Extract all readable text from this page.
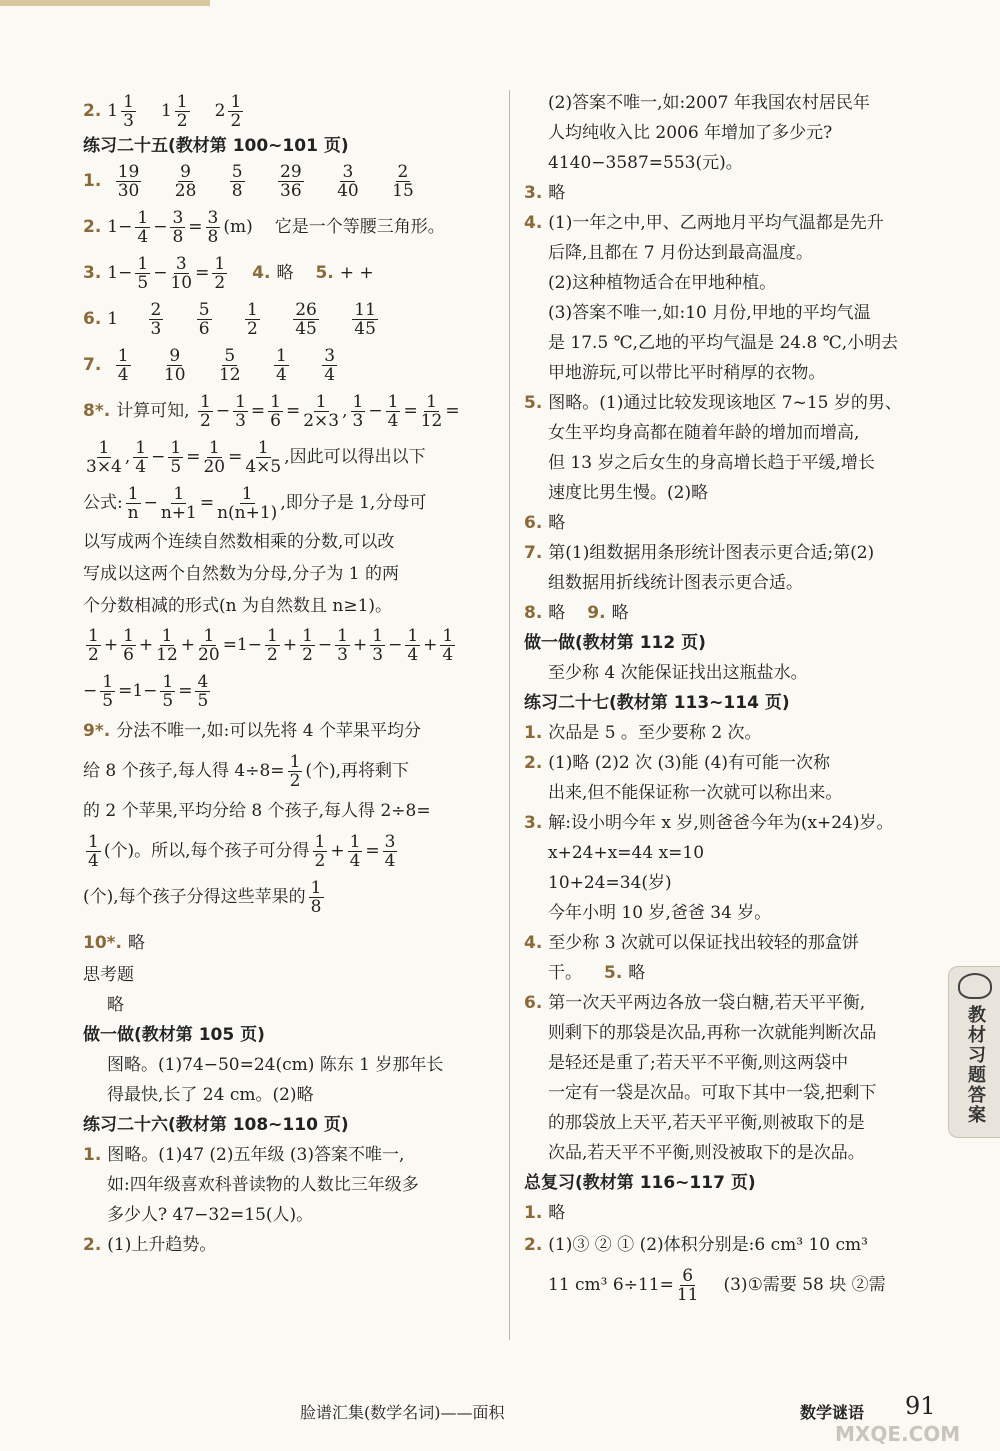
2. $1 \frac{1}{3} 1 \frac{1}{2} 2 \frac{1}{2}$
练习二十五(教材第 100~101 页)
1. $\frac{19}{30}$
$\frac{9}{28}$
$\frac{5}{8}$
$\frac{29}{36}$
$\frac{3}{40}$
$\frac{2}{15}$
2. $1- \frac{1}{4} - \frac{3}{8} = \frac{3}{8} (m)$ 它是一个等腰三角形。
3. $1- \frac{1}{5} - \frac{3}{10} = \frac{1}{2} 4$. 略 5. + +
6. $1 \frac{2}{3}$
$\frac{5}{6}$
$\frac{1}{2}$
$\frac{26}{45}$
$\frac{11}{45}$
7. $\frac{1}{4}$
$\frac{9}{10}$
$\frac{5}{12}$
$\frac{1}{4}$
$\frac{3}{4}$
8*. 计算可知, $\frac{1}{2} - \frac{1}{3} = \frac{1}{6} = \frac{1}{2\times 3}$ , $\frac{1}{3} - \frac{1}{4} = \frac{1}{12}$ =
$\frac{1}{3\times 4}$ , $\frac{1}{4} - \frac{1}{5} = \frac{1}{20} = \frac{1}{4\times 5}$ ,因此可以得出以下
公式: $\frac{1}{n} - \frac{1}{n+1} = \frac{1}{n(n+1)}$ ,即分子是 1,分母可
以写成两个连续自然数相乘的分数,可以改
写成以这两个自然数为分母,分子为 1 的两
个分数相减的形式(n 为自然数且 n≥1)。
$\frac{1}{2} + \frac{1}{6} + \frac{1}{12} + \frac{1}{20} =1- \frac{1}{2} + \frac{1}{2} - \frac{1}{3} + \frac{1}{3} - \frac{1}{4} + \frac{1}{4}$
− $\frac{1}{5} =1- \frac{1}{5} = \frac{4}{5}$
9*. 分法不唯一,如:可以先将 4 个苹果平均分
给 8 个孩子,每人得 $4\div 8= \frac{1}{2}$ (个),再将剩下
的 2 个苹果,平均分给 8 个孩子,每人得 2÷8=
$\frac{1}{4}$ (个)。所以,每个孩子可分得 $\frac{1}{2} + \frac{1}{4} = \frac{3}{4}$
(个),每个孩子分得这些苹果的 $\frac{1}{8}$
10*. 略
思考题
略
做一做(教材第 105 页)
图略。(1)74−50=24(cm) 陈东 1 岁那年长
得最快,长了 24 cm。(2)略
练习二十六(教材第 108~110 页)
1. 图略。(1)47 (2)五年级 (3)答案不唯一,
如:四年级喜欢科普读物的人数比三年级多
多少人? 47−32=15(人)。
2. (1)上升趋势。
(2)答案不唯一,如:2007 年我国农村居民年
人均纯收入比 2006 年增加了多少元?
4140−3587=553(元)。
3. 略
4. (1)一年之中,甲、乙两地月平均气温都是先升
后降,且都在 7 月份达到最高温度。
(2)这种植物适合在甲地种植。
(3)答案不唯一,如:10 月份,甲地的平均气温
是 17.5 ℃,乙地的平均气温是 24.8 ℃,小明去
甲地游玩,可以带比平时稍厚的衣物。
5. 图略。(1)通过比较发现该地区 7~15 岁的男、
女生平均身高都在随着年龄的增加而增高,
但 13 岁之后女生的身高增长趋于平缓,增长
速度比男生慢。(2)略
6. 略
7. 第(1)组数据用条形统计图表示更合适;第(2)
组数据用折线统计图表示更合适。
8. 略 9. 略
做一做(教材第 112 页)
至少称 4 次能保证找出这瓶盐水。
练习二十七(教材第 113~114 页)
1. 次品是 5 。至少要称 2 次。
2. (1)略 (2)2 次 (3)能 (4)有可能一次称
出来,但不能保证称一次就可以称出来。
3. 解:设小明今年 x 岁,则爸爸今年为(x+24)岁。
x+24+x=44 x=10
10+24=34(岁)
今年小明 10 岁,爸爸 34 岁。
4. 至少称 3 次就可以保证找出较轻的那盒饼
干。 5. 略
6. 第一次天平两边各放一袋白糖,若天平平衡,
则剩下的那袋是次品,再称一次就能判断次品
是轻还是重了;若天平不平衡,则这两袋中
一定有一袋是次品。可取下其中一袋,把剩下
的那袋放上天平,若天平平衡,则被取下的是
次品,若天平不平衡,则没被取下的是次品。
总复习(教材第 116~117 页)
1. 略
2. (1)③ ② ① (2)体积分别是:6 cm³ 10 cm³
11 cm³ $6\div 11= \frac{6}{11}$ (3)①需要 58 块 ②需
教材习题答案
脸谱汇集(数学名词)——面积	数学谜语 91
MXQE.COM
